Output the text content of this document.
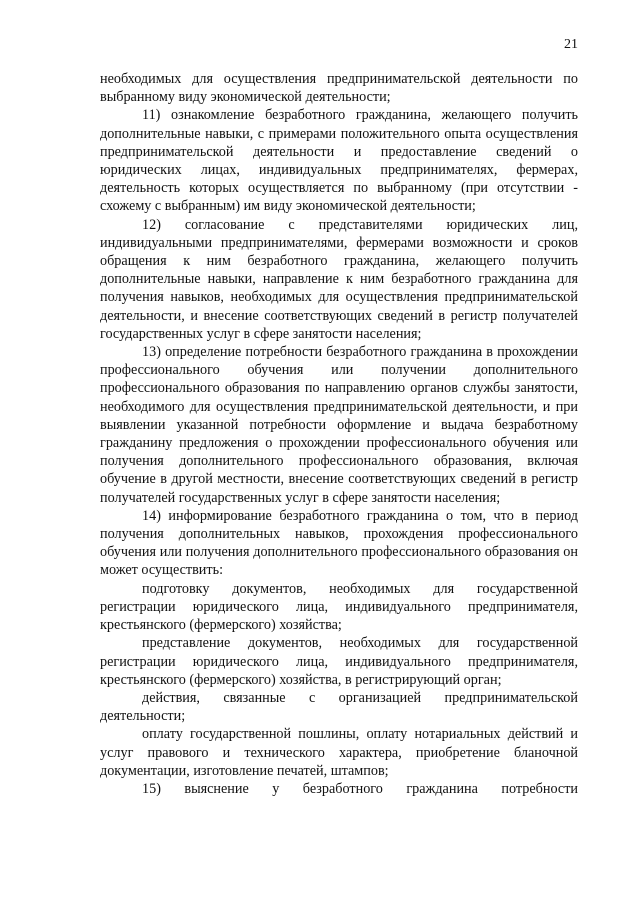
21

необходимых для осуществления предпринимательской деятельности по выбранному виду экономической деятельности;

11) ознакомление безработного гражданина, желающего получить дополнительные навыки, с примерами положительного опыта осуществления предпринимательской деятельности и предоставление сведений о юридических лицах, индивидуальных предпринимателях, фермерах, деятельность которых осуществляется по выбранному (при отсутствии - схожему с выбранным) им виду экономической деятельности;

12) согласование с представителями юридических лиц, индивидуальными предпринимателями, фермерами возможности и сроков обращения к ним безработного гражданина, желающего получить дополнительные навыки, направление к ним безработного гражданина для получения навыков, необходимых для осуществления предпринимательской деятельности, и внесение соответствующих сведений в регистр получателей государственных услуг в сфере занятости населения;

13) определение потребности безработного гражданина в прохождении профессионального обучения или получении дополнительного профессионального образования по направлению органов службы занятости, необходимого для осуществления предпринимательской деятельности, и при выявлении указанной потребности оформление и выдача безработному гражданину предложения о прохождении профессионального обучения или получения дополнительного профессионального образования, включая обучение в другой местности, внесение соответствующих сведений в регистр получателей государственных услуг в сфере занятости населения;

14) информирование безработного гражданина о том, что в период получения дополнительных навыков, прохождения профессионального обучения или получения дополнительного профессионального образования он может осуществить:

подготовку документов, необходимых для государственной регистрации юридического лица, индивидуального предпринимателя, крестьянского (фермерского) хозяйства;

представление документов, необходимых для государственной регистрации юридического лица, индивидуального предпринимателя, крестьянского (фермерского) хозяйства, в регистрирующий орган;

действия, связанные с организацией предпринимательской деятельности;

оплату государственной пошлины, оплату нотариальных действий и услуг правового и технического характера, приобретение бланочной документации, изготовление печатей, штампов;

15) выяснение у безработного гражданина потребности
